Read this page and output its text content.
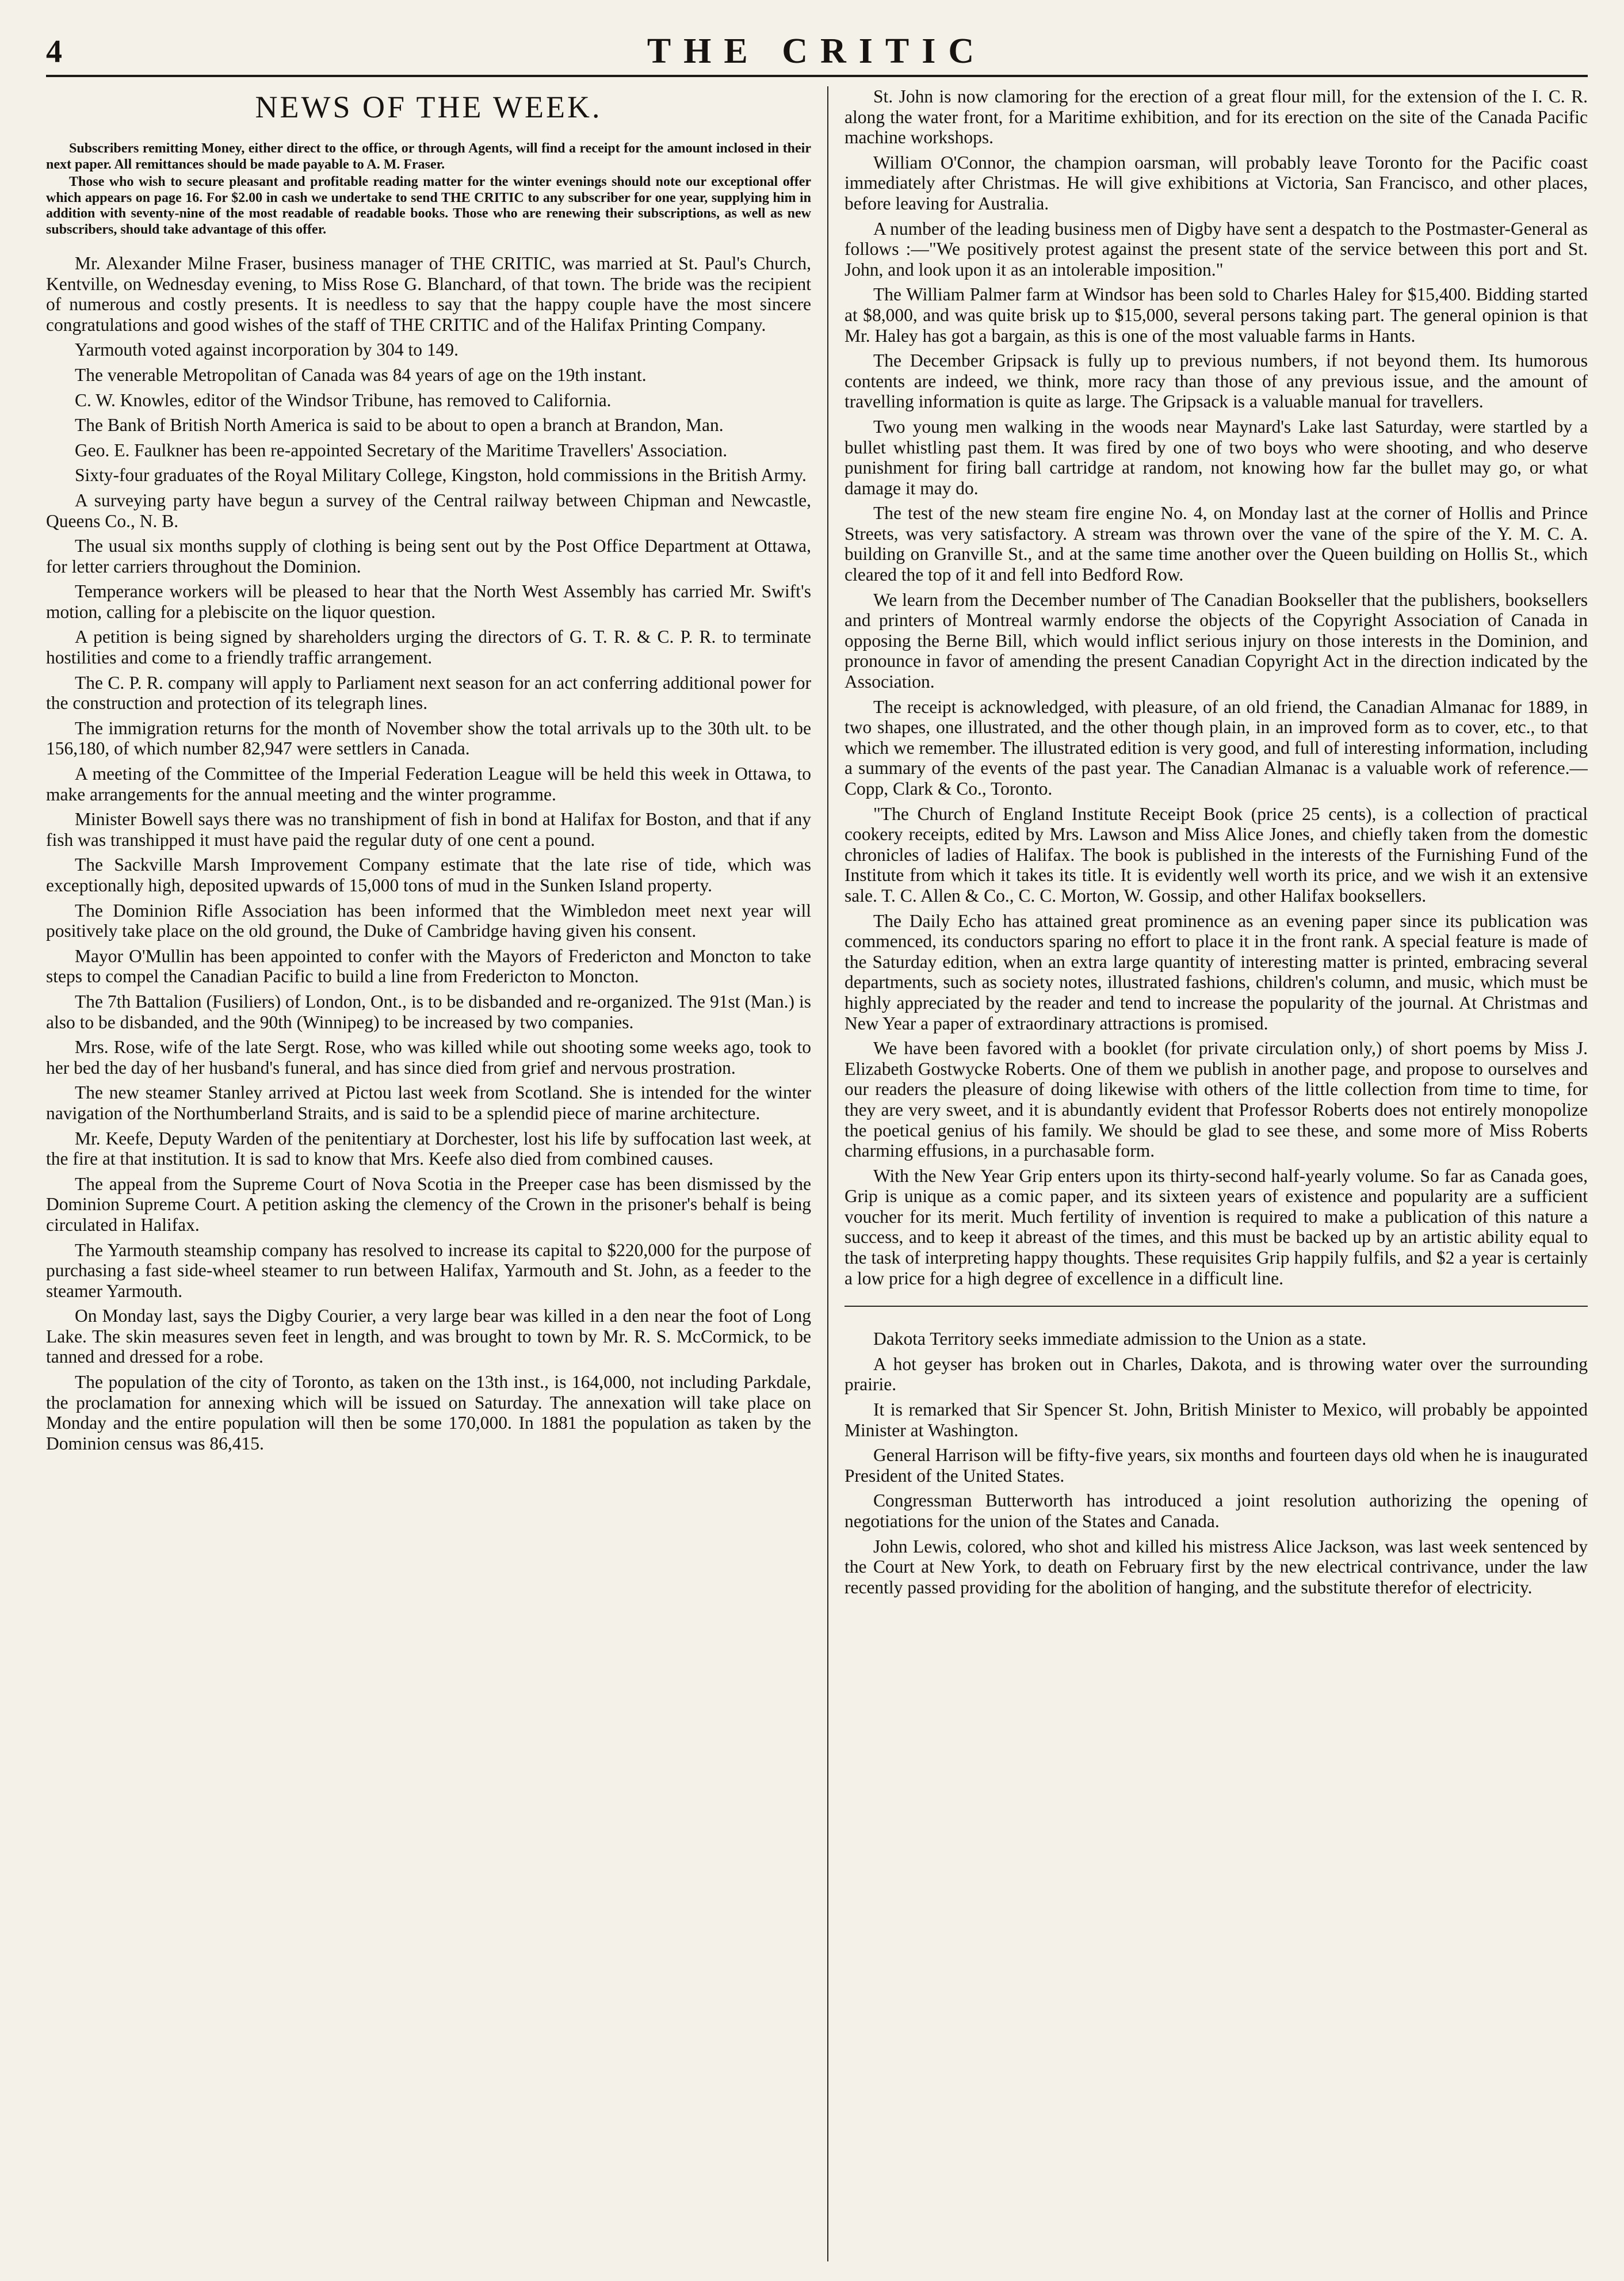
4	THE CRITIC
NEWS OF THE WEEK.

Subscribers remitting Money, either direct to the office, or through Agents, will find a receipt for the amount inclosed in their next paper. All remittances should be made payable to A. M. Fraser.

Those who wish to secure pleasant and profitable reading matter for the winter evenings should note our exceptional offer which appears on page 16. For $2.00 in cash we undertake to send THE CRITIC to any subscriber for one year, supplying him in addition with seventy-nine of the most readable of readable books. Those who are renewing their subscriptions, as well as new subscribers, should take advantage of this offer.

Mr. Alexander Milne Fraser, business manager of THE CRITIC, was married at St. Paul's Church, Kentville, on Wednesday evening, to Miss Rose G. Blanchard, of that town. The bride was the recipient of numerous and costly presents. It is needless to say that the happy couple have the most sincere congratulations and good wishes of the staff of THE CRITIC and of the Halifax Printing Company.

Yarmouth voted against incorporation by 304 to 149.

The venerable Metropolitan of Canada was 84 years of age on the 19th instant.

C. W. Knowles, editor of the Windsor Tribune, has removed to California.

The Bank of British North America is said to be about to open a branch at Brandon, Man.

Geo. E. Faulkner has been re-appointed Secretary of the Maritime Travellers' Association.

Sixty-four graduates of the Royal Military College, Kingston, hold commissions in the British Army.

A surveying party have begun a survey of the Central railway between Chipman and Newcastle, Queens Co., N. B.

The usual six months supply of clothing is being sent out by the Post Office Department at Ottawa, for letter carriers throughout the Dominion.

Temperance workers will be pleased to hear that the North West Assembly has carried Mr. Swift's motion, calling for a plebiscite on the liquor question.

A petition is being signed by shareholders urging the directors of G. T. R. & C. P. R. to terminate hostilities and come to a friendly traffic arrangement.

The C. P. R. company will apply to Parliament next season for an act conferring additional power for the construction and protection of its telegraph lines.

The immigration returns for the month of November show the total arrivals up to the 30th ult. to be 156,180, of which number 82,947 were settlers in Canada.

A meeting of the Committee of the Imperial Federation League will be held this week in Ottawa, to make arrangements for the annual meeting and the winter programme.

Minister Bowell says there was no transhipment of fish in bond at Halifax for Boston, and that if any fish was transhipped it must have paid the regular duty of one cent a pound.

The Sackville Marsh Improvement Company estimate that the late rise of tide, which was exceptionally high, deposited upwards of 15,000 tons of mud in the Sunken Island property.

The Dominion Rifle Association has been informed that the Wimbledon meet next year will positively take place on the old ground, the Duke of Cambridge having given his consent.

Mayor O'Mullin has been appointed to confer with the Mayors of Fredericton and Moncton to take steps to compel the Canadian Pacific to build a line from Fredericton to Moncton.

The 7th Battalion (Fusiliers) of London, Ont., is to be disbanded and re-organized. The 91st (Man.) is also to be disbanded, and the 90th (Winnipeg) to be increased by two companies.

Mrs. Rose, wife of the late Sergt. Rose, who was killed while out shooting some weeks ago, took to her bed the day of her husband's funeral, and has since died from grief and nervous prostration.

The new steamer Stanley arrived at Pictou last week from Scotland. She is intended for the winter navigation of the Northumberland Straits, and is said to be a splendid piece of marine architecture.

Mr. Keefe, Deputy Warden of the penitentiary at Dorchester, lost his life by suffocation last week, at the fire at that institution. It is sad to know that Mrs. Keefe also died from combined causes.

The appeal from the Supreme Court of Nova Scotia in the Preeper case has been dismissed by the Dominion Supreme Court. A petition asking the clemency of the Crown in the prisoner's behalf is being circulated in Halifax.

The Yarmouth steamship company has resolved to increase its capital to $220,000 for the purpose of purchasing a fast side-wheel steamer to run between Halifax, Yarmouth and St. John, as a feeder to the steamer Yarmouth.

On Monday last, says the Digby Courier, a very large bear was killed in a den near the foot of Long Lake. The skin measures seven feet in length, and was brought to town by Mr. R. S. McCormick, to be tanned and dressed for a robe.

The population of the city of Toronto, as taken on the 13th inst., is 164,000, not including Parkdale, the proclamation for annexing which will be issued on Saturday. The annexation will take place on Monday and the entire population will then be some 170,000. In 1881 the population as taken by the Dominion census was 86,415.

St. John is now clamoring for the erection of a great flour mill, for the extension of the I. C. R. along the water front, for a Maritime exhibition, and for its erection on the site of the Canada Pacific machine workshops.

William O'Connor, the champion oarsman, will probably leave Toronto for the Pacific coast immediately after Christmas. He will give exhibitions at Victoria, San Francisco, and other places, before leaving for Australia.

A number of the leading business men of Digby have sent a despatch to the Postmaster-General as follows :—"We positively protest against the present state of the service between this port and St. John, and look upon it as an intolerable imposition."

The William Palmer farm at Windsor has been sold to Charles Haley for $15,400. Bidding started at $8,000, and was quite brisk up to $15,000, several persons taking part. The general opinion is that Mr. Haley has got a bargain, as this is one of the most valuable farms in Hants.

The December Gripsack is fully up to previous numbers, if not beyond them. Its humorous contents are indeed, we think, more racy than those of any previous issue, and the amount of travelling information is quite as large. The Gripsack is a valuable manual for travellers.

Two young men walking in the woods near Maynard's Lake last Saturday, were startled by a bullet whistling past them. It was fired by one of two boys who were shooting, and who deserve punishment for firing ball cartridge at random, not knowing how far the bullet may go, or what damage it may do.

The test of the new steam fire engine No. 4, on Monday last at the corner of Hollis and Prince Streets, was very satisfactory. A stream was thrown over the vane of the spire of the Y. M. C. A. building on Granville St., and at the same time another over the Queen building on Hollis St., which cleared the top of it and fell into Bedford Row.

We learn from the December number of The Canadian Bookseller that the publishers, booksellers and printers of Montreal warmly endorse the objects of the Copyright Association of Canada in opposing the Berne Bill, which would inflict serious injury on those interests in the Dominion, and pronounce in favor of amending the present Canadian Copyright Act in the direction indicated by the Association.

The receipt is acknowledged, with pleasure, of an old friend, the Canadian Almanac for 1889, in two shapes, one illustrated, and the other though plain, in an improved form as to cover, etc., to that which we remember. The illustrated edition is very good, and full of interesting information, including a summary of the events of the past year. The Canadian Almanac is a valuable work of reference.—Copp, Clark & Co., Toronto.

"The Church of England Institute Receipt Book (price 25 cents), is a collection of practical cookery receipts, edited by Mrs. Lawson and Miss Alice Jones, and chiefly taken from the domestic chronicles of ladies of Halifax. The book is published in the interests of the Furnishing Fund of the Institute from which it takes its title. It is evidently well worth its price, and we wish it an extensive sale. T. C. Allen & Co., C. C. Morton, W. Gossip, and other Halifax booksellers.

The Daily Echo has attained great prominence as an evening paper since its publication was commenced, its conductors sparing no effort to place it in the front rank. A special feature is made of the Saturday edition, when an extra large quantity of interesting matter is printed, embracing several departments, such as society notes, illustrated fashions, children's column, and music, which must be highly appreciated by the reader and tend to increase the popularity of the journal. At Christmas and New Year a paper of extraordinary attractions is promised.

We have been favored with a booklet (for private circulation only,) of short poems by Miss J. Elizabeth Gostwycke Roberts. One of them we publish in another page, and propose to ourselves and our readers the pleasure of doing likewise with others of the little collection from time to time, for they are very sweet, and it is abundantly evident that Professor Roberts does not entirely monopolize the poetical genius of his family. We should be glad to see these, and some more of Miss Roberts charming effusions, in a purchasable form.

With the New Year Grip enters upon its thirty-second half-yearly volume. So far as Canada goes, Grip is unique as a comic paper, and its sixteen years of existence and popularity are a sufficient voucher for its merit. Much fertility of invention is required to make a publication of this nature a success, and to keep it abreast of the times, and this must be backed up by an artistic ability equal to the task of interpreting happy thoughts. These requisites Grip happily fulfils, and $2 a year is certainly a low price for a high degree of excellence in a difficult line.

Dakota Territory seeks immediate admission to the Union as a state.

A hot geyser has broken out in Charles, Dakota, and is throwing water over the surrounding prairie.

It is remarked that Sir Spencer St. John, British Minister to Mexico, will probably be appointed Minister at Washington.

General Harrison will be fifty-five years, six months and fourteen days old when he is inaugurated President of the United States.

Congressman Butterworth has introduced a joint resolution authorizing the opening of negotiations for the union of the States and Canada.

John Lewis, colored, who shot and killed his mistress Alice Jackson, was last week sentenced by the Court at New York, to death on February first by the new electrical contrivance, under the law recently passed providing for the abolition of hanging, and the substitute therefor of electricity.
